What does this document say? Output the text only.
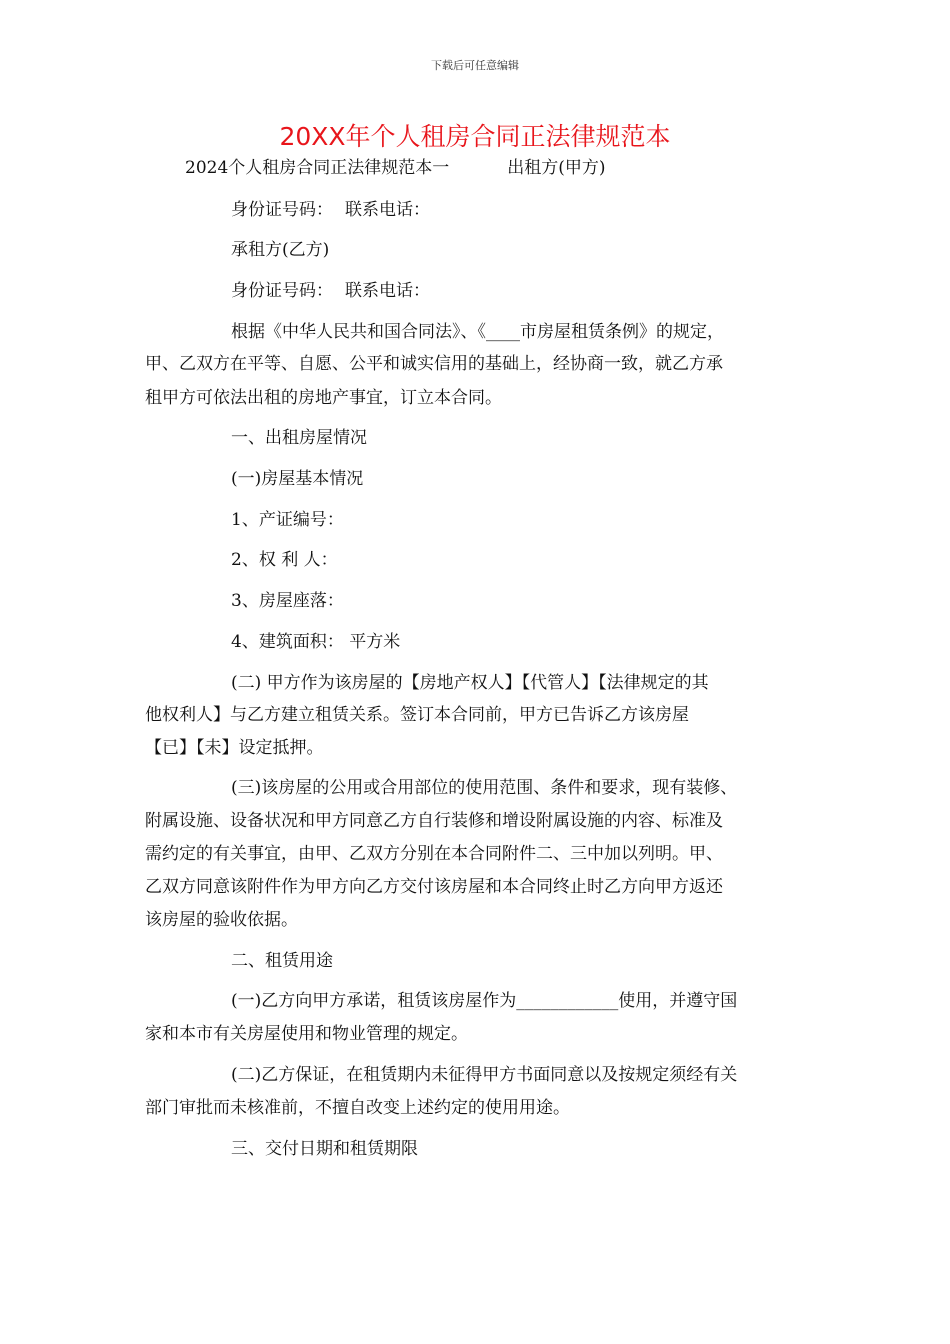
下载后可任意编辑
20XX年个人租房合同正法律规范本
2024个人租房合同正法律规范本一	出租方(甲方)
身份证号码： 联系电话：
承租方(乙方)
身份证号码： 联系电话：
根据《中华人民共和国合同法》、《____市房屋租赁条例》的规定，
甲、乙双方在平等、自愿、公平和诚实信用的基础上，经协商一致，就乙方承
租甲方可依法出租的房地产事宜，订立本合同。
一、出租房屋情况
(一)房屋基本情况
1、产证编号：
2、权 利 人：
3、房屋座落：
4、建筑面积： 平方米
(二) 甲方作为该房屋的【房地产权人】【代管人】【法律规定的其
他权利人】与乙方建立租赁关系。签订本合同前，甲方已告诉乙方该房屋
【已】【未】设定抵押。
(三)该房屋的公用或合用部位的使用范围、条件和要求，现有装修、
附属设施、设备状况和甲方同意乙方自行装修和增设附属设施的内容、标准及
需约定的有关事宜，由甲、乙双方分别在本合同附件二、三中加以列明。甲、
乙双方同意该附件作为甲方向乙方交付该房屋和本合同终止时乙方向甲方返还
该房屋的验收依据。
二、租赁用途
(一)乙方向甲方承诺，租赁该房屋作为____________使用，并遵守国
家和本市有关房屋使用和物业管理的规定。
(二)乙方保证，在租赁期内未征得甲方书面同意以及按规定须经有关
部门审批而未核准前，不擅自改变上述约定的使用用途。
三、交付日期和租赁期限
